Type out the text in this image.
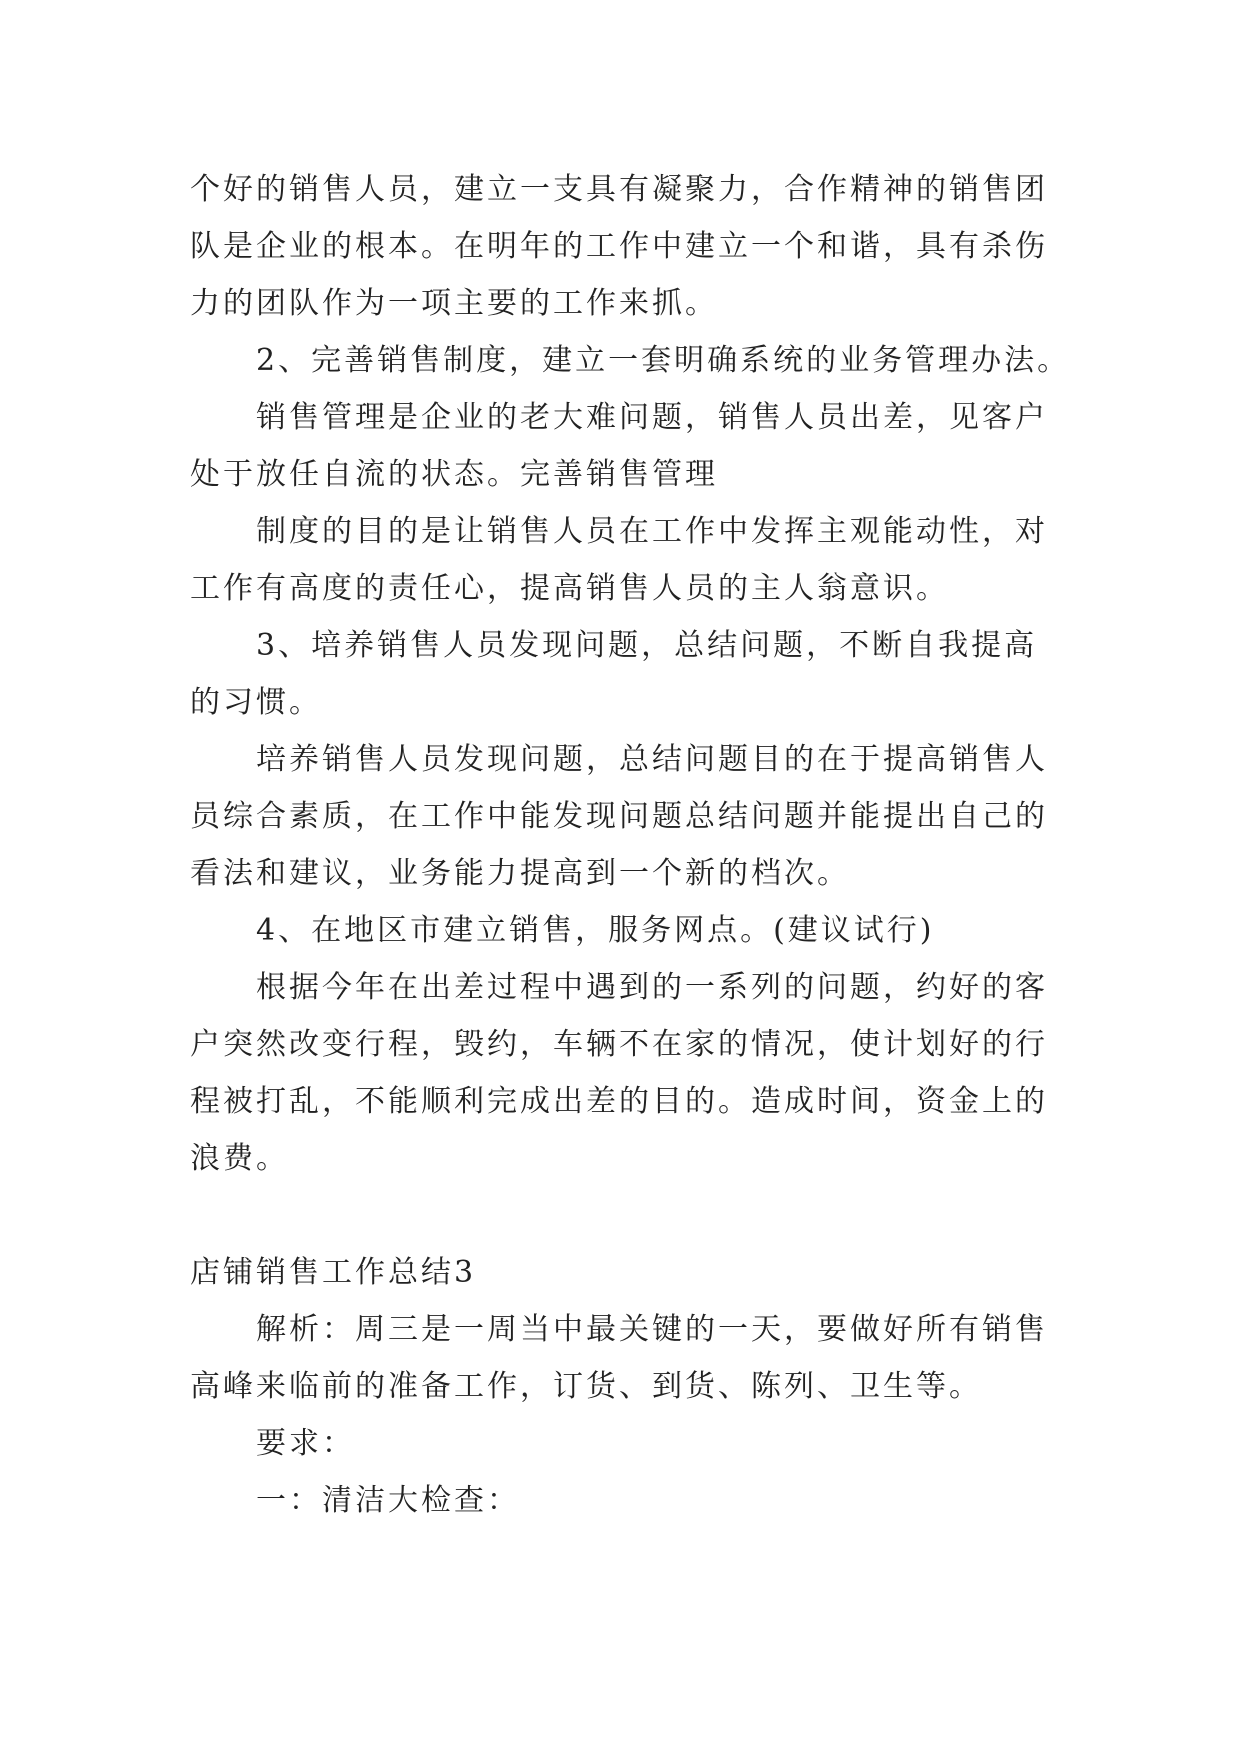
个好的销售人员，建立一支具有凝聚力，合作精神的销售团
队是企业的根本。在明年的工作中建立一个和谐，具有杀伤
力的团队作为一项主要的工作来抓。
2、完善销售制度，建立一套明确系统的业务管理办法。
销售管理是企业的老大难问题，销售人员出差，见客户
处于放任自流的状态。完善销售管理
制度的目的是让销售人员在工作中发挥主观能动性，对
工作有高度的责任心，提高销售人员的主人翁意识。
3、培养销售人员发现问题，总结问题，不断自我提高
的习惯。
培养销售人员发现问题，总结问题目的在于提高销售人
员综合素质，在工作中能发现问题总结问题并能提出自己的
看法和建议，业务能力提高到一个新的档次。
4、在地区市建立销售，服务网点。(建议试行)
根据今年在出差过程中遇到的一系列的问题，约好的客
户突然改变行程，毁约，车辆不在家的情况，使计划好的行
程被打乱，不能顺利完成出差的目的。造成时间，资金上的
浪费。
店铺销售工作总结3
解析：周三是一周当中最关键的一天，要做好所有销售
高峰来临前的准备工作，订货、到货、陈列、卫生等。
要求：
一：清洁大检查：
